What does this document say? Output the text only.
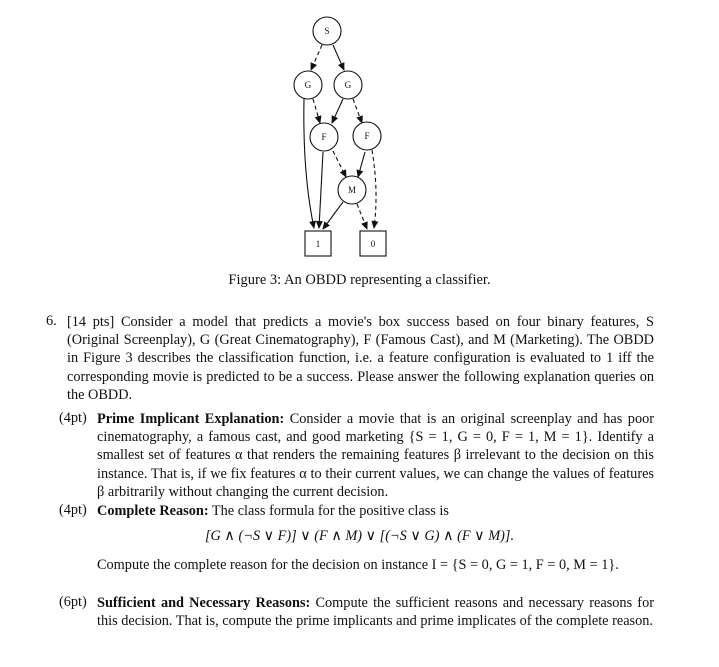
S
G	G
F	F
M
1	0
Figure 3: An OBDD representing a classifier.
6. [14 pts] Consider a model that predicts a movie's box success based on four binary features, S (Original Screenplay), G (Great Cinematography), F (Famous Cast), and M (Marketing). The OBDD in Figure 3 describes the classification function, i.e. a feature configuration is evaluated to 1 iff the corresponding movie is predicted to be a success. Please answer the following explanation queries on the OBDD.
(4pt) Prime Implicant Explanation: Consider a movie that is an original screenplay and has poor cinematography, a famous cast, and good marketing {S = 1, G = 0, F = 1, M = 1}. Identify a smallest set of features α that renders the remaining features β irrelevant to the decision on this instance. That is, if we fix features α to their current values, we can change the values of features β arbitrarily without changing the current decision.
(4pt) Complete Reason: The class formula for the positive class is
[G ∧ (¬S ∨ F)] ∨ (F ∧ M) ∨ [(¬S ∨ G) ∧ (F ∨ M)].
Compute the complete reason for the decision on instance I = {S = 0, G = 1, F = 0, M = 1}.
(6pt) Sufficient and Necessary Reasons: Compute the sufficient reasons and necessary reasons for this decision. That is, compute the prime implicants and prime implicates of the complete reason.
